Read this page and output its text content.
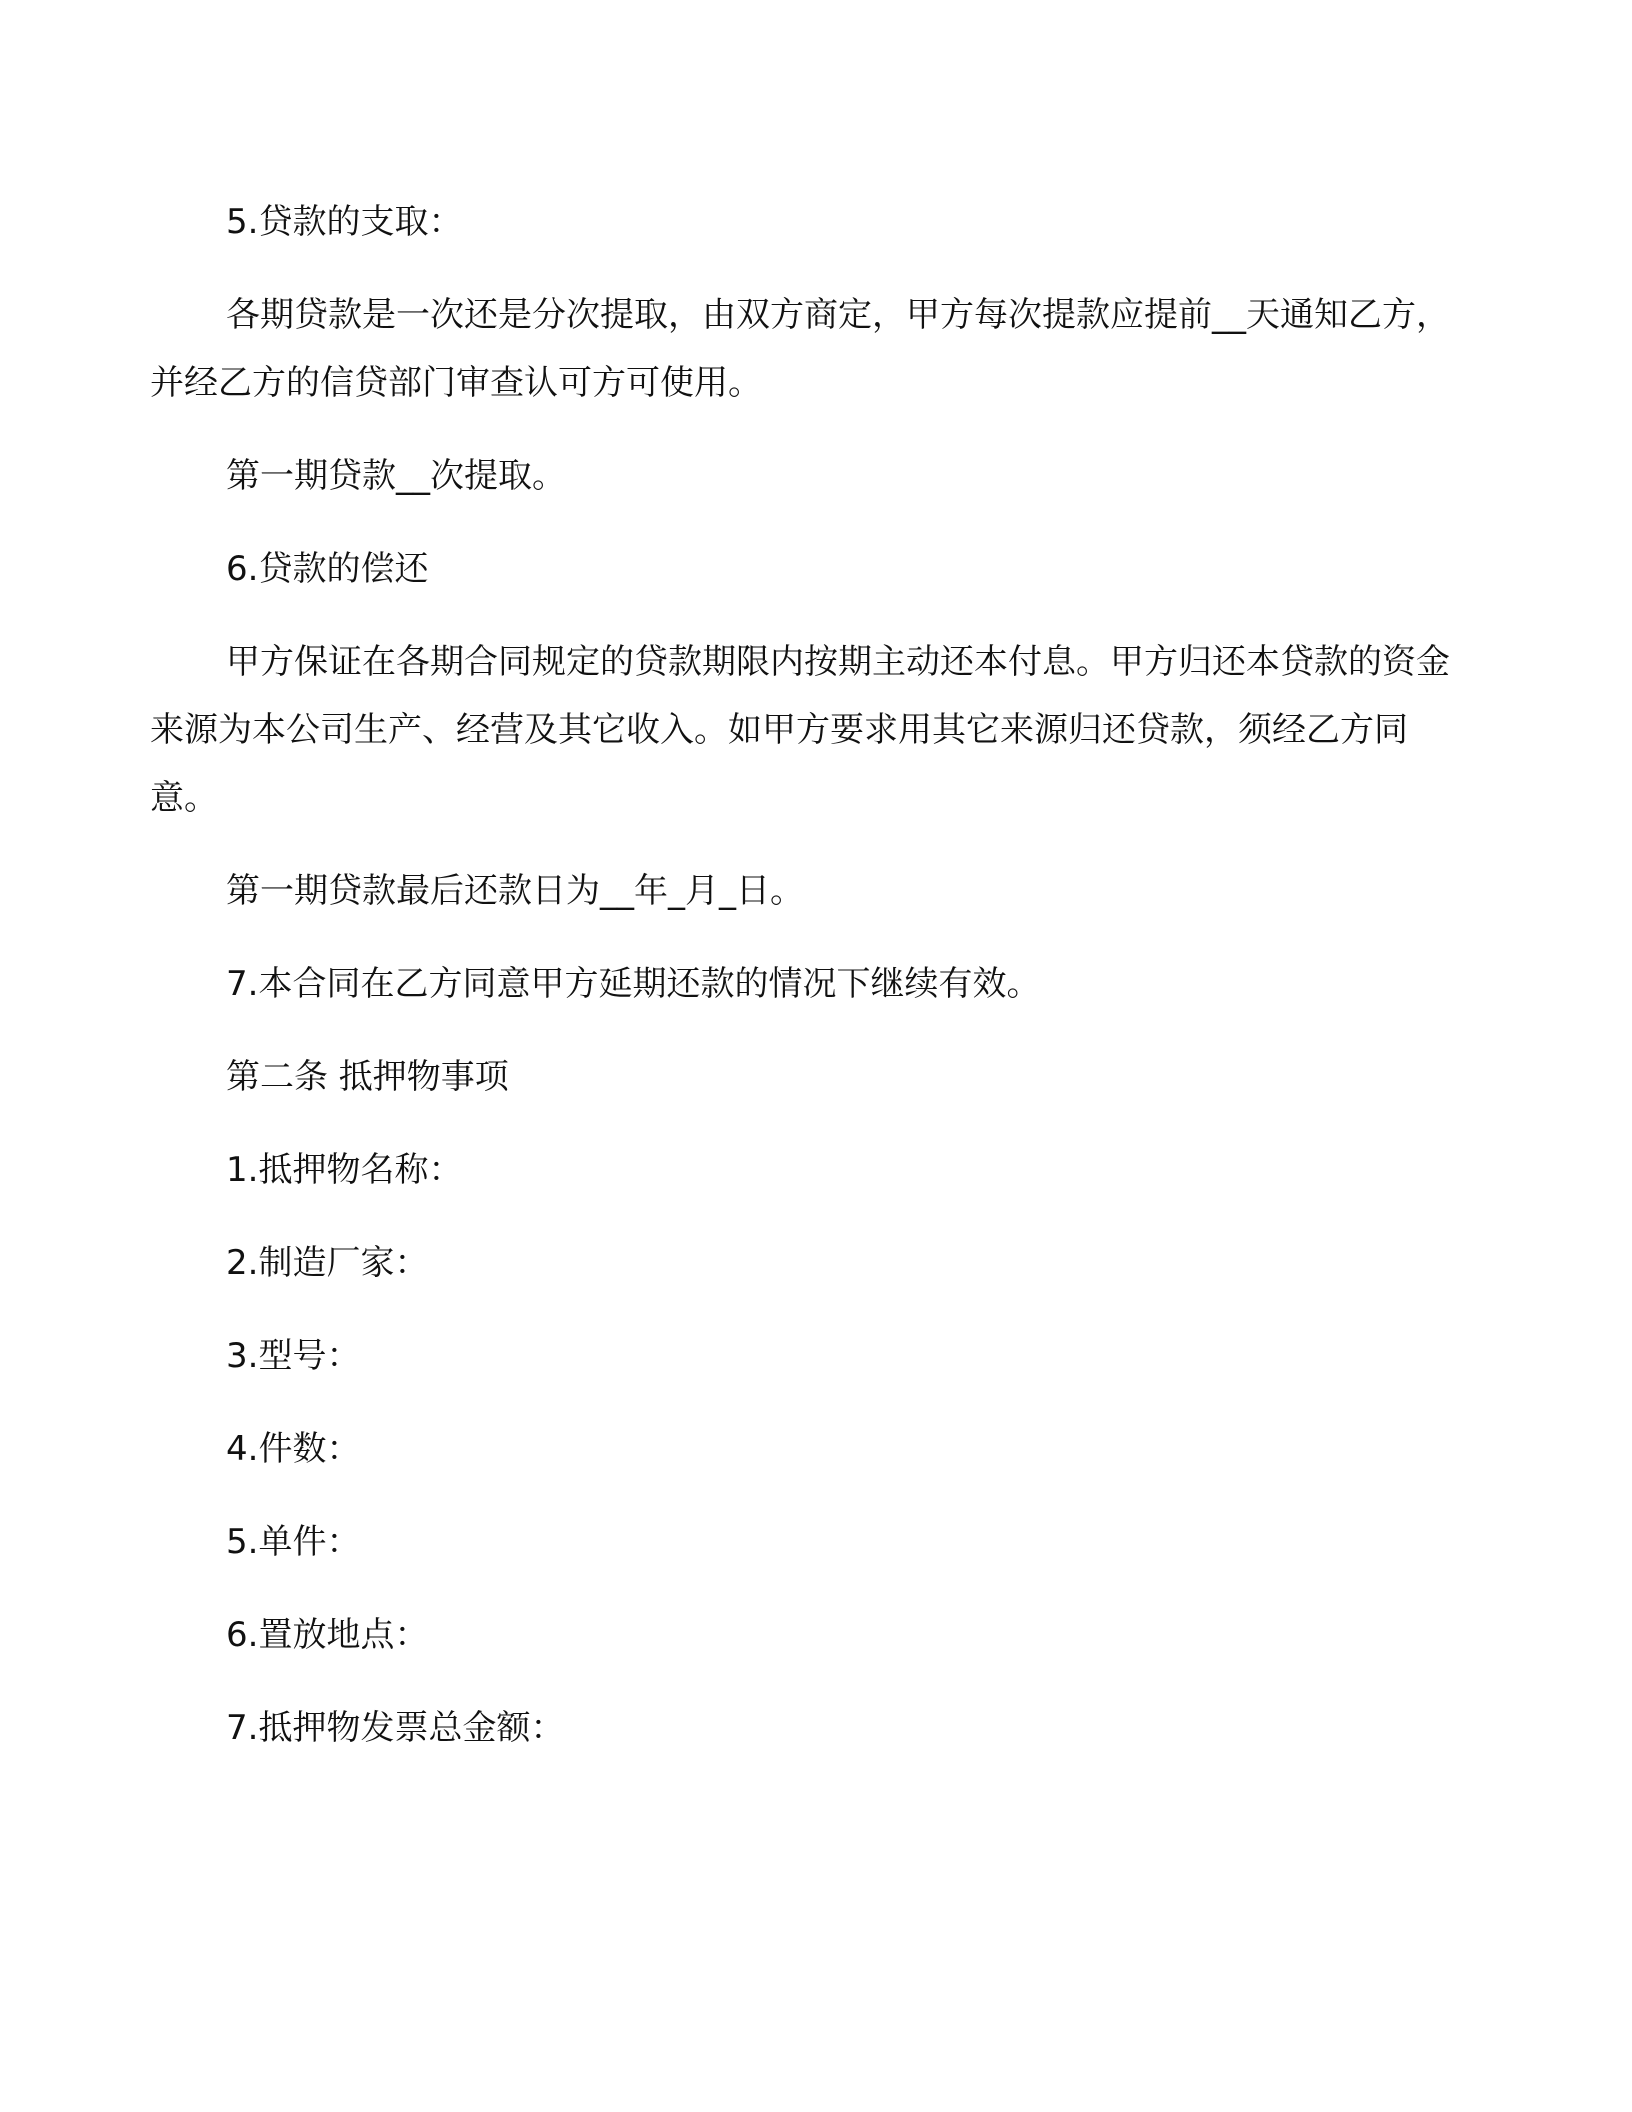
5.贷款的支取：

各期贷款是一次还是分次提取，由双方商定，甲方每次提款应提前__天通知乙方，并经乙方的信贷部门审查认可方可使用。

第一期贷款__次提取。

6.贷款的偿还

甲方保证在各期合同规定的贷款期限内按期主动还本付息。甲方归还本贷款的资金来源为本公司生产、经营及其它收入。如甲方要求用其它来源归还贷款，须经乙方同意。

第一期贷款最后还款日为__年_月_日。

7.本合同在乙方同意甲方延期还款的情况下继续有效。

第二条 抵押物事项

1.抵押物名称：

2.制造厂家：

3.型号：

4.件数：

5.单件：

6.置放地点：

7.抵押物发票总金额：
